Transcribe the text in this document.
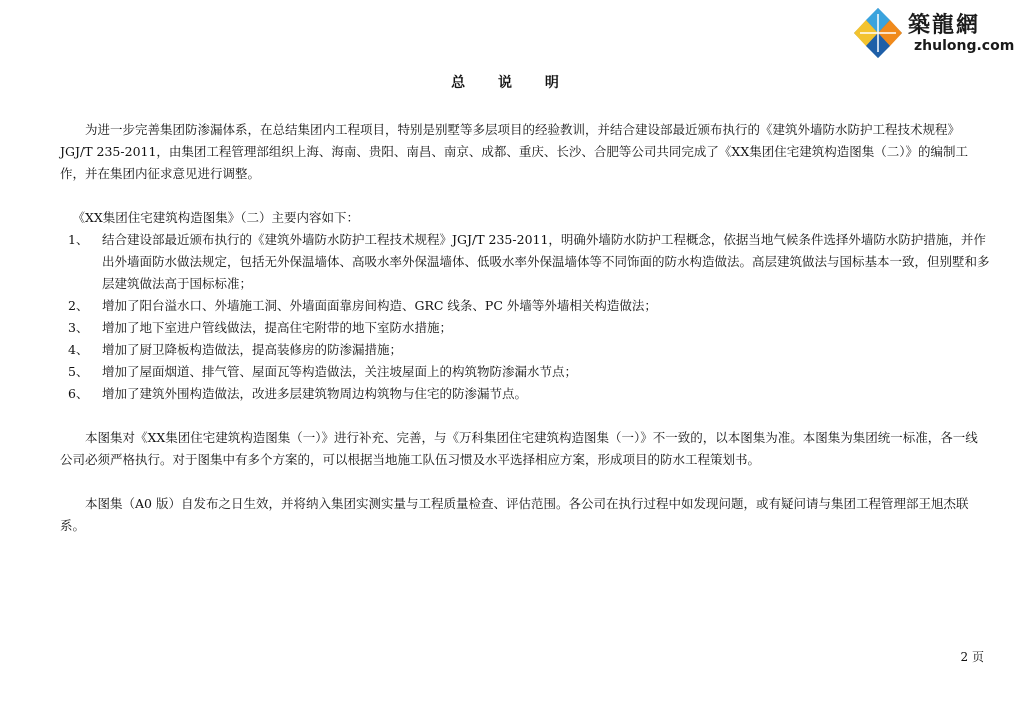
築龍網
zhulong.com
总 说 明

为进一步完善集团防渗漏体系，在总结集团内工程项目，特别是别墅等多层项目的经验教训，并结合建设部最近颁布执行的《建筑外墙防水防护工程技术规程》JGJ/T 235-2011，由集团工程管理部组织上海、海南、贵阳、南昌、南京、成都、重庆、长沙、合肥等公司共同完成了《XX集团住宅建筑构造图集（二）》的编制工作，并在集团内征求意见进行调整。

《XX集团住宅建筑构造图集》（二）主要内容如下：

1、	结合建设部最近颁布执行的《建筑外墙防水防护工程技术规程》JGJ/T 235-2011，明确外墙防水防护工程概念，依据当地气候条件选择外墙防水防护措施，并作出外墙面防水做法规定，包括无外保温墙体、高吸水率外保温墙体、低吸水率外保温墙体等不同饰面的防水构造做法。高层建筑做法与国标基本一致，但别墅和多层建筑做法高于国标标准；
2、	增加了阳台溢水口、外墙施工洞、外墙面面靠房间构造、GRC 线条、PC 外墙等外墙相关构造做法；
3、	增加了地下室进户管线做法，提高住宅附带的地下室防水措施；
4、	增加了厨卫降板构造做法，提高装修房的防渗漏措施；
5、	增加了屋面烟道、排气管、屋面瓦等构造做法，关注坡屋面上的构筑物防渗漏水节点；
6、	增加了建筑外围构造做法，改进多层建筑物周边构筑物与住宅的防渗漏节点。

本图集对《XX集团住宅建筑构造图集（一）》进行补充、完善，与《万科集团住宅建筑构造图集（一）》不一致的，以本图集为准。本图集为集团统一标准，各一线公司必须严格执行。对于图集中有多个方案的，可以根据当地施工队伍习惯及水平选择相应方案，形成项目的防水工程策划书。

本图集（A0 版）自发布之日生效，并将纳入集团实测实量与工程质量检查、评估范围。各公司在执行过程中如发现问题，或有疑问请与集团工程管理部王旭杰联系。

2 页
